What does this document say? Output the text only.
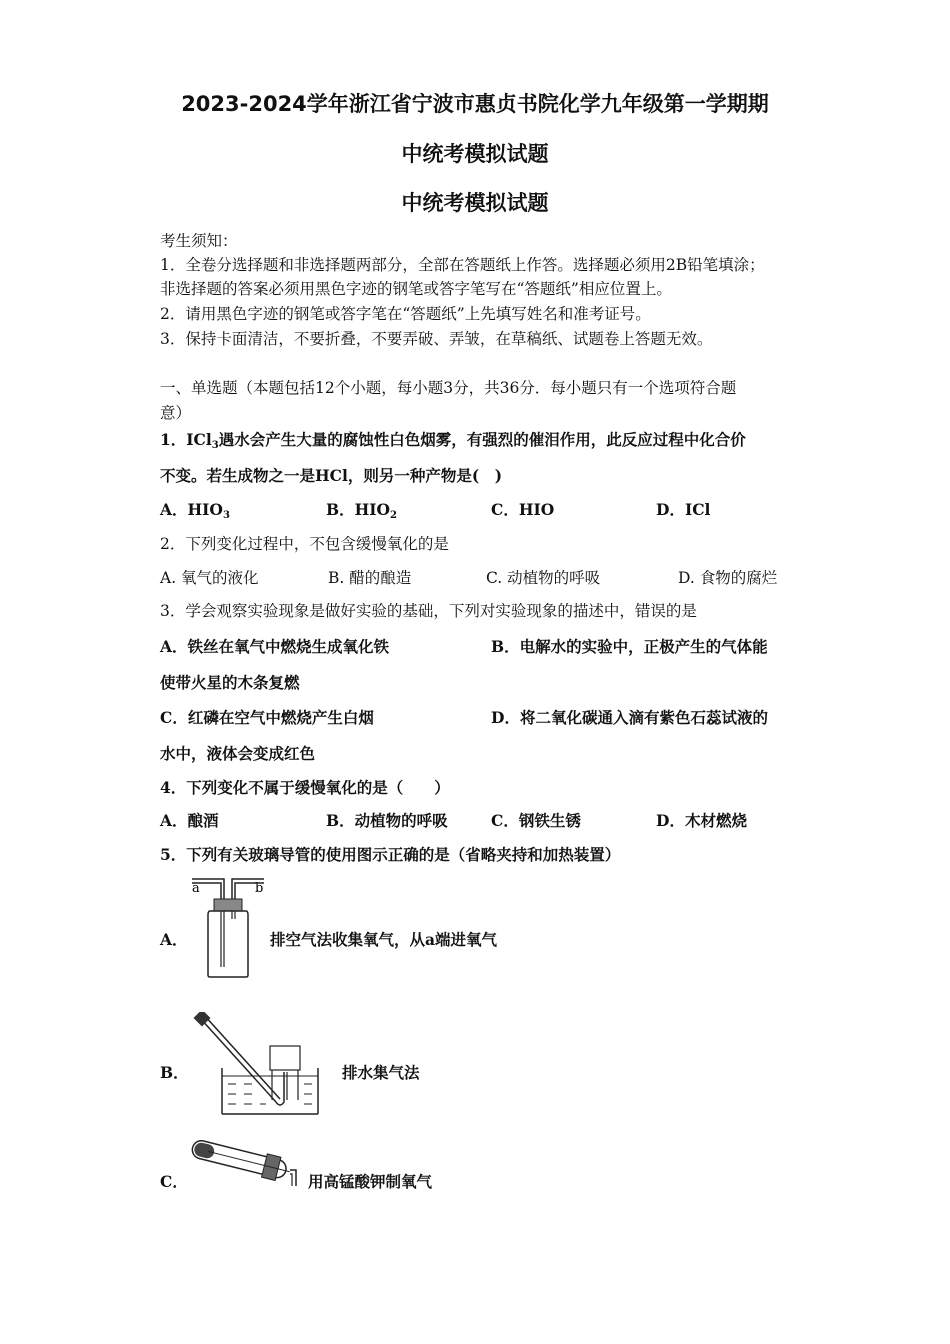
2023-2024学年浙江省宁波市惠贞书院化学九年级第一学期期
中统考模拟试题
中统考模拟试题
考生须知：
1．全卷分选择题和非选择题两部分，全部在答题纸上作答。选择题必须用2B铅笔填涂；
非选择题的答案必须用黑色字迹的钢笔或答字笔写在“答题纸”相应位置上。
2．请用黑色字迹的钢笔或答字笔在“答题纸”上先填写姓名和准考证号。
3．保持卡面清洁，不要折叠，不要弄破、弄皱，在草稿纸、试题卷上答题无效。
一、单选题（本题包括12个小题，每小题3分，共36分．每小题只有一个选项符合题
意）
1．ICl$_3$遇水会产生大量的腐蚀性白色烟雾，有强烈的催泪作用，此反应过程中化合价
不变。若生成物之一是HCl，则另一种产物是(　)
A．$HIO_3$	B．$HIO_2$	C．HIO	D．ICl
2．下列变化过程中，不包含缓慢氧化的是
A. 氧气的液化	B. 醋的酿造	C. 动植物的呼吸	D. 食物的腐烂
3．学会观察实验现象是做好实验的基础，下列对实验现象的描述中，错误的是
A．铁丝在氧气中燃烧生成氧化铁	B．电解水的实验中，正极产生的气体能
使带火星的木条复燃
C．红磷在空气中燃烧产生白烟	D．将二氧化碳通入滴有紫色石蕊试液的
水中，液体会变成红色
4．下列变化不属于缓慢氧化的是（　　）
A．酿酒	B．动植物的呼吸	C．钢铁生锈	D．木材燃烧
5．下列有关玻璃导管的使用图示正确的是（省略夹持和加热装置）
A．
a	b
排空气法收集氧气，从a端进氧气
B．	排水集气法
C．	用高锰酸钾制氧气
